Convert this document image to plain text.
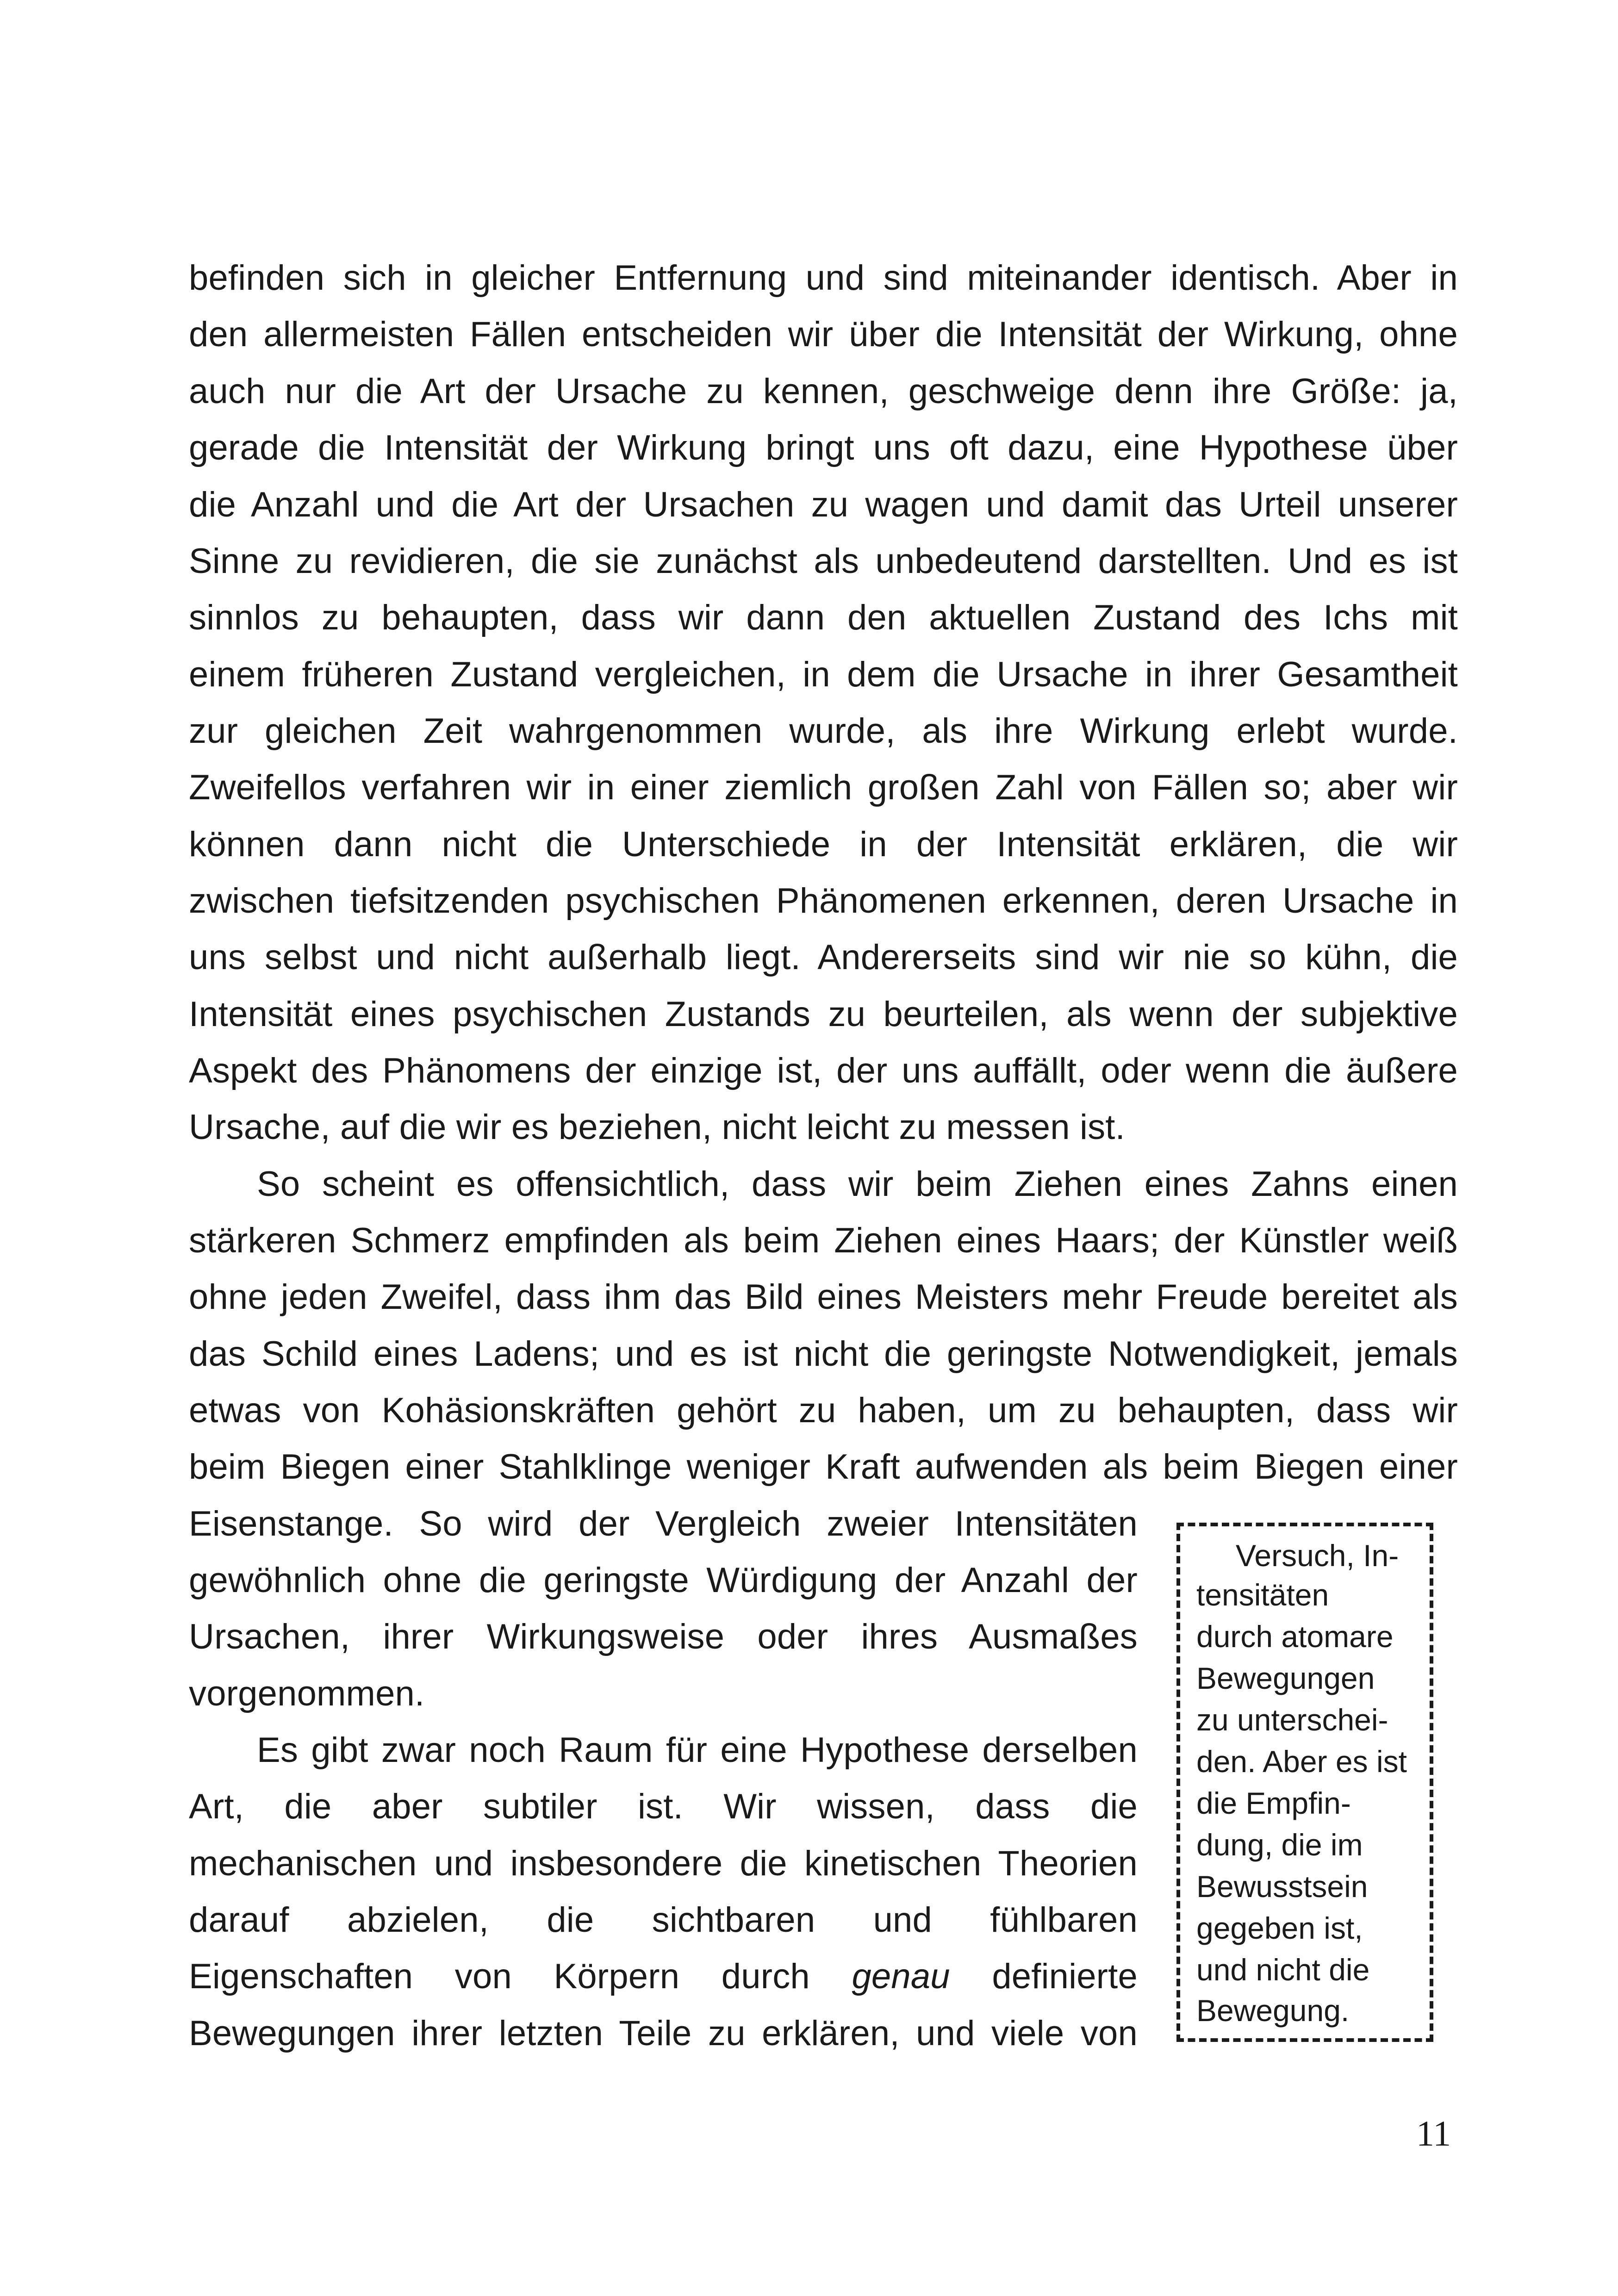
befinden sich in gleicher Entfernung und sind miteinander identisch. Aber in
den allermeisten Fällen entscheiden wir über die Intensität der Wirkung, ohne
auch nur die Art der Ursache zu kennen, geschweige denn ihre Größe: ja,
gerade die Intensität der Wirkung bringt uns oft dazu, eine Hypothese über
die Anzahl und die Art der Ursachen zu wagen und damit das Urteil unserer
Sinne zu revidieren, die sie zunächst als unbedeutend darstellten. Und es ist
sinnlos zu behaupten, dass wir dann den aktuellen Zustand des Ichs mit
einem früheren Zustand vergleichen, in dem die Ursache in ihrer Gesamtheit
zur gleichen Zeit wahrgenommen wurde, als ihre Wirkung erlebt wurde.
Zweifellos verfahren wir in einer ziemlich großen Zahl von Fällen so; aber wir
können dann nicht die Unterschiede in der Intensität erklären, die wir
zwischen tiefsitzenden psychischen Phänomenen erkennen, deren Ursache in
uns selbst und nicht außerhalb liegt. Andererseits sind wir nie so kühn, die
Intensität eines psychischen Zustands zu beurteilen, als wenn der subjektive
Aspekt des Phänomens der einzige ist, der uns auffällt, oder wenn die äußere
Ursache, auf die wir es beziehen, nicht leicht zu messen ist.
So scheint es offensichtlich, dass wir beim Ziehen eines Zahns einen
stärkeren Schmerz empfinden als beim Ziehen eines Haars; der Künstler weiß
ohne jeden Zweifel, dass ihm das Bild eines Meisters mehr Freude bereitet als
das Schild eines Ladens; und es ist nicht die geringste Notwendigkeit, jemals
etwas von Kohäsionskräften gehört zu haben, um zu behaupten, dass wir
beim Biegen einer Stahlklinge weniger Kraft aufwenden als beim Biegen einer
Eisenstange. So wird der Vergleich zweier Intensitäten
gewöhnlich ohne die geringste Würdigung der Anzahl der
Ursachen, ihrer Wirkungsweise oder ihres Ausmaßes
vorgenommen.
Es gibt zwar noch Raum für eine Hypothese derselben
Art, die aber subtiler ist. Wir wissen, dass die
mechanischen und insbesondere die kinetischen Theorien
darauf abzielen, die sichtbaren und fühlbaren
Eigenschaften von Körpern durch genau definierte
Bewegungen ihrer letzten Teile zu erklären, und viele von
Versuch, In-
tensitäten
durch atomare
Bewegungen
zu unterschei-
den. Aber es ist
die Empfin-
dung, die im
Bewusstsein
gegeben ist,
und nicht die
Bewegung.
11
